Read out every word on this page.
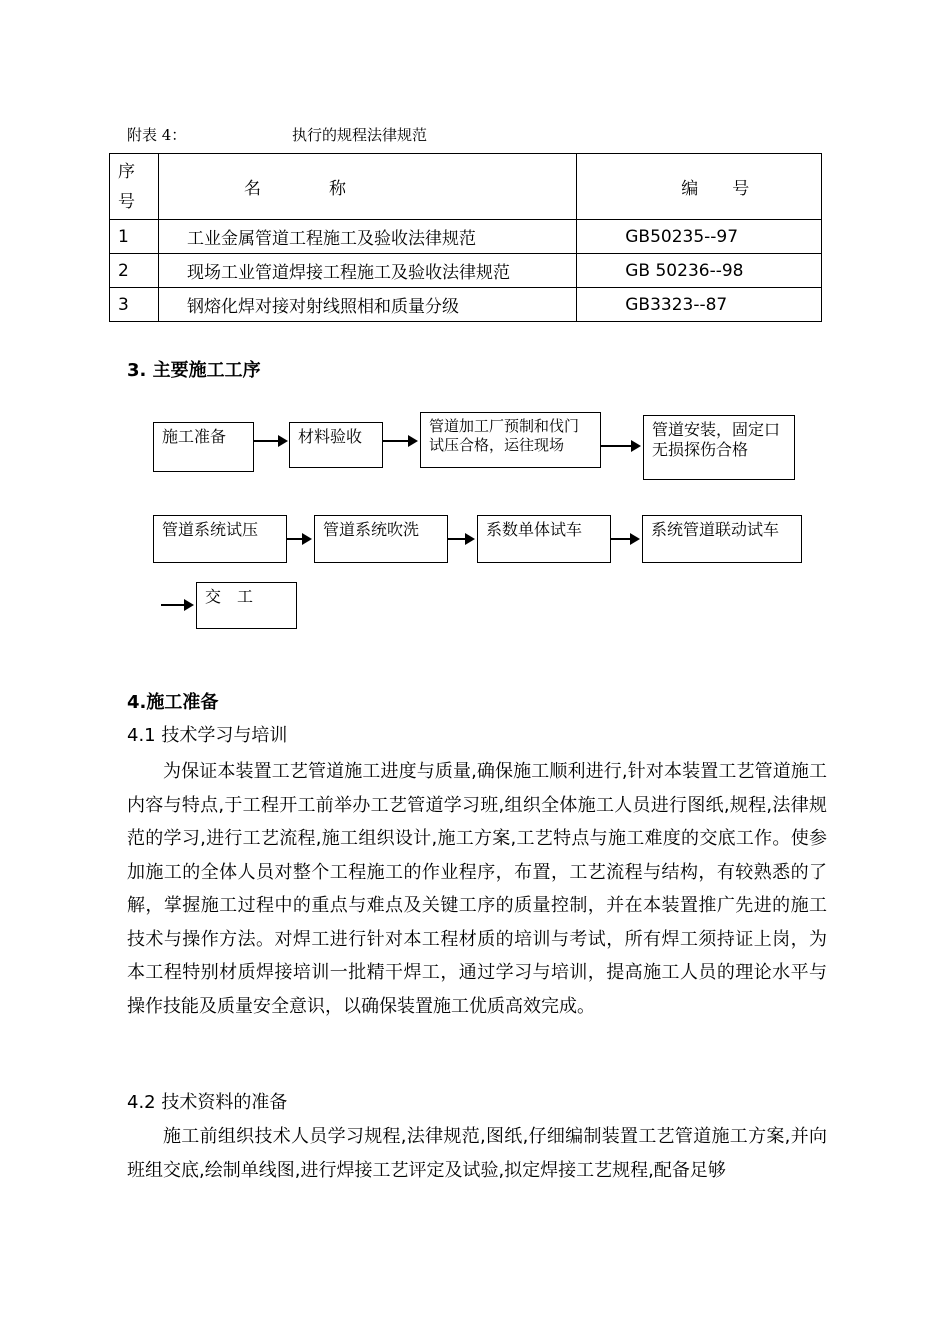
附表 4：	执行的规程法律规范
序号	名　　　　称	编　　号
1	工业金属管道工程施工及验收法律规范	GB50235--97
2	现场工业管道焊接工程施工及验收法律规范	GB 50236--98
3	钢熔化焊对接对射线照相和质量分级	GB3323--87
3. 主要施工工序
施工准备	材料验收
管道加工厂预制和伐门试压合格，运往现场
管道安装，固定口无损探伤合格
管道系统试压	管道系统吹洗	系数单体试车	系统管道联动试车
交　工
4.施工准备
4.1 技术学习与培训
为保证本装置工艺管道施工进度与质量,确保施工顺利进行,针对本装置工艺管道施工内容与特点,于工程开工前举办工艺管道学习班,组织全体施工人员进行图纸,规程,法律规范的学习,进行工艺流程,施工组织设计,施工方案,工艺特点与施工难度的交底工作。使参加施工的全体人员对整个工程施工的作业程序，布置，工艺流程与结构，有较熟悉的了解，掌握施工过程中的重点与难点及关键工序的质量控制，并在本装置推广先进的施工技术与操作方法。对焊工进行针对本工程材质的培训与考试，所有焊工须持证上岗，为本工程特别材质焊接培训一批精干焊工，通过学习与培训，提高施工人员的理论水平与操作技能及质量安全意识，以确保装置施工优质高效完成。
4.2 技术资料的准备
施工前组织技术人员学习规程,法律规范,图纸,仔细编制装置工艺管道施工方案,并向班组交底,绘制单线图,进行焊接工艺评定及试验,拟定焊接工艺规程,配备足够
